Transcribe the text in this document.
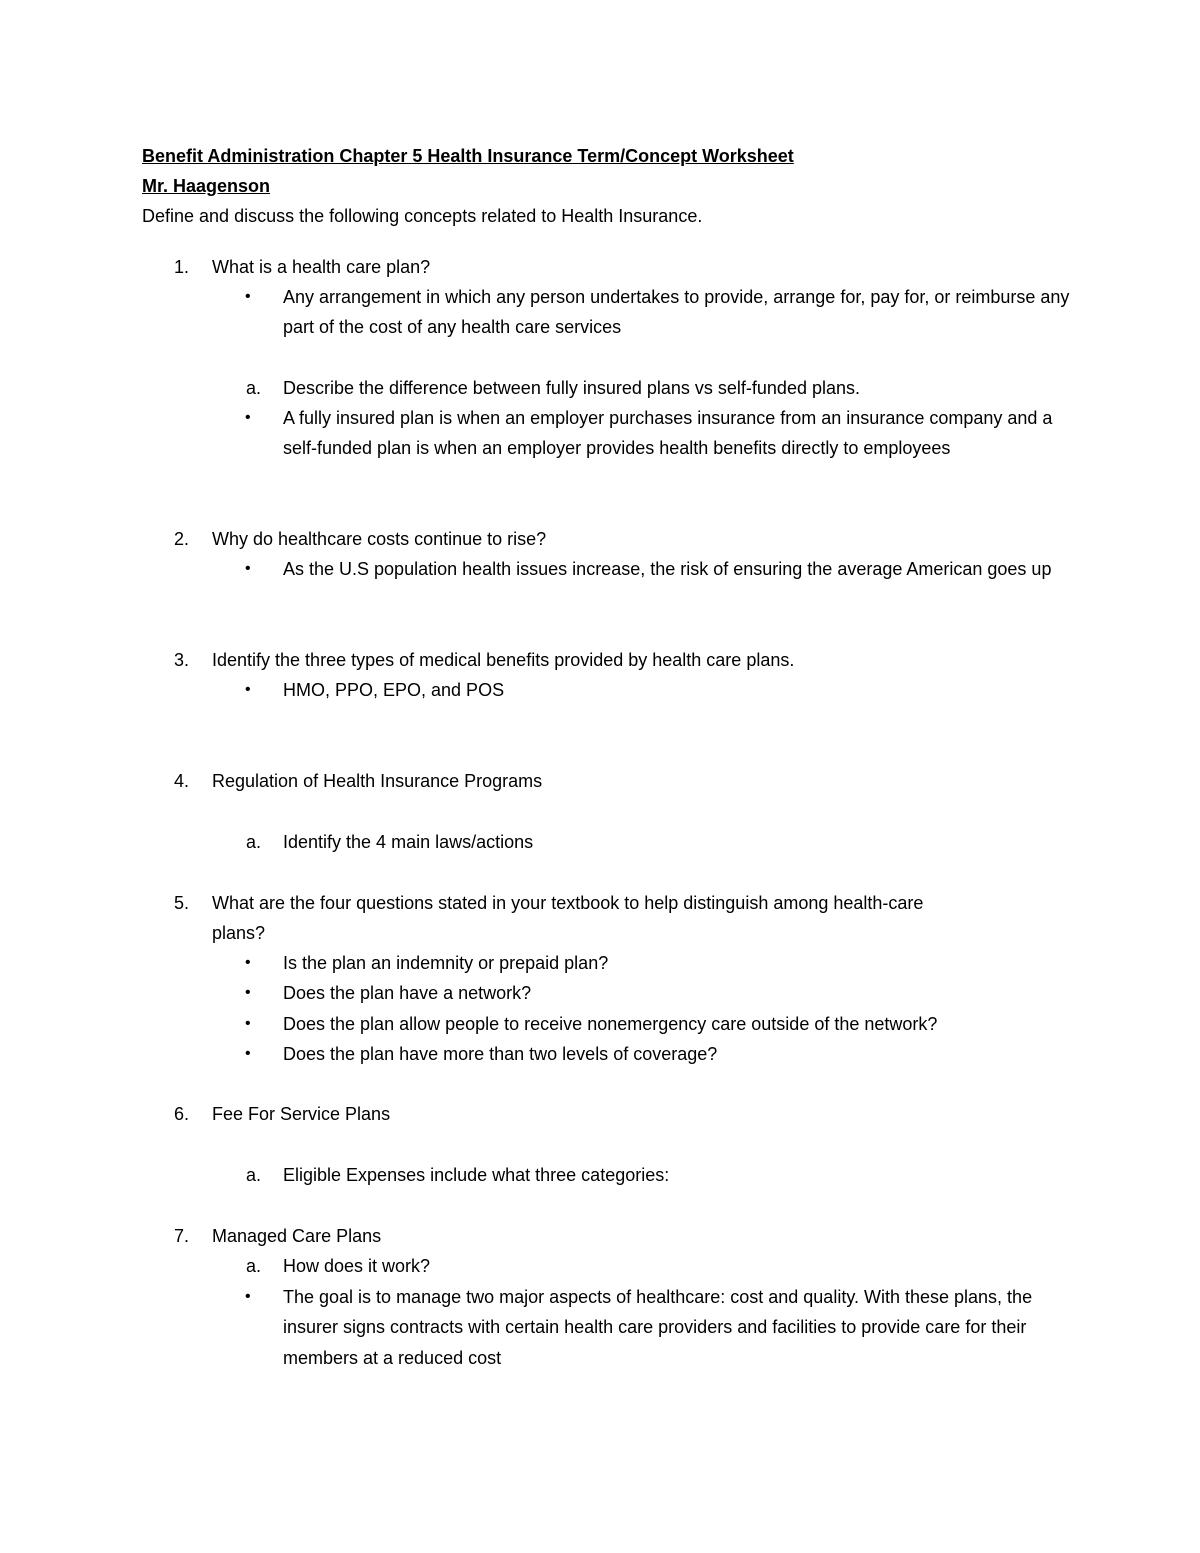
Benefit Administration Chapter 5 Health Insurance Term/Concept Worksheet
Mr. Haagenson
Define and discuss the following concepts related to Health Insurance.
1. What is a health care plan?
• Any arrangement in which any person undertakes to provide, arrange for, pay for, or reimburse any part of the cost of any health care services
a. Describe the difference between fully insured plans vs self-funded plans.
• A fully insured plan is when an employer purchases insurance from an insurance company and a self-funded plan is when an employer provides health benefits directly to employees
2. Why do healthcare costs continue to rise?
• As the U.S population health issues increase, the risk of ensuring the average American goes up
3. Identify the three types of medical benefits provided by health care plans.
• HMO, PPO, EPO, and POS
4. Regulation of Health Insurance Programs
a. Identify the 4 main laws/actions
5. What are the four questions stated in your textbook to help distinguish among health-care
plans?
• Is the plan an indemnity or prepaid plan?
• Does the plan have a network?
• Does the plan allow people to receive nonemergency care outside of the network?
• Does the plan have more than two levels of coverage?
6. Fee For Service Plans
a. Eligible Expenses include what three categories:
7. Managed Care Plans
a. How does it work?
• The goal is to manage two major aspects of healthcare: cost and quality. With these plans, the insurer signs contracts with certain health care providers and facilities to provide care for their members at a reduced cost
